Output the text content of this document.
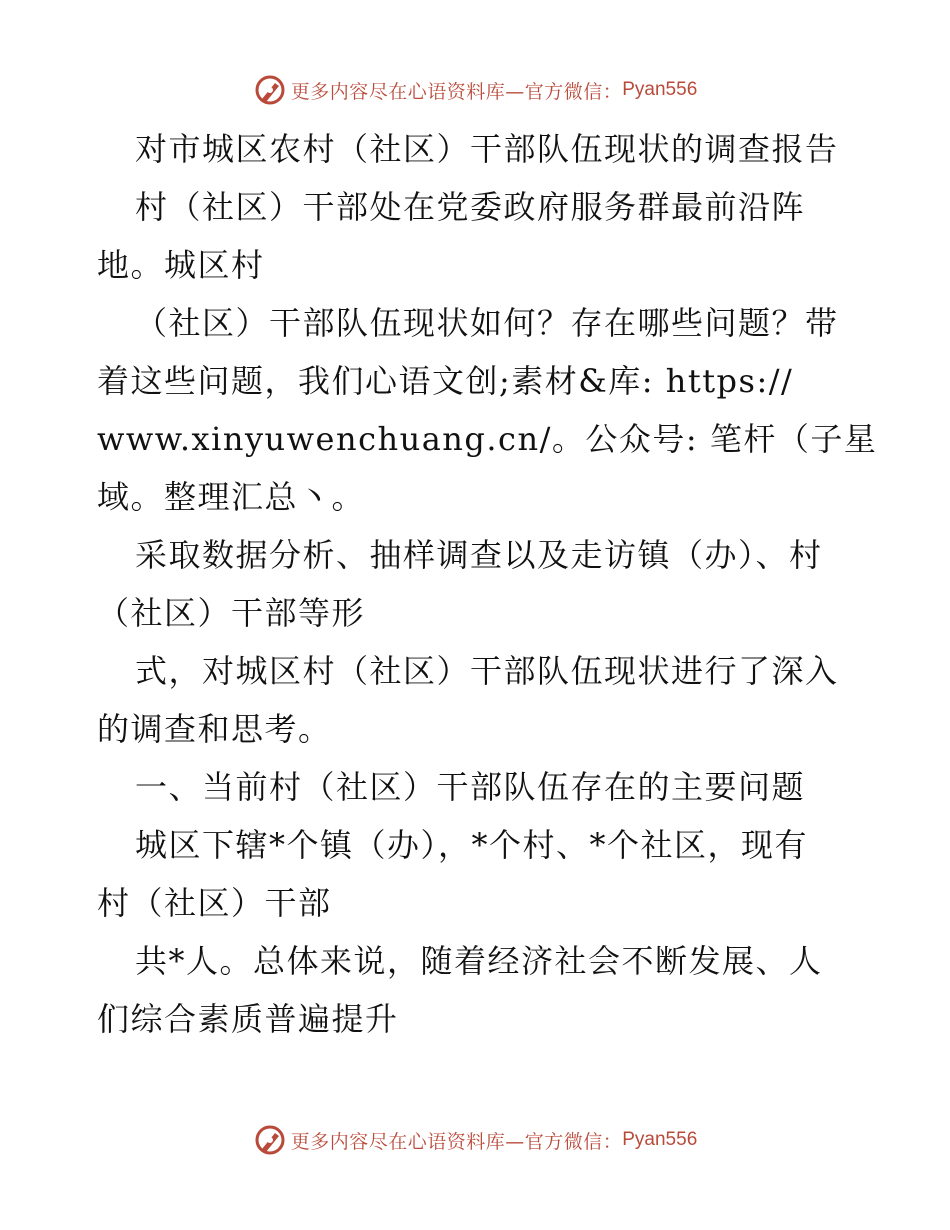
更多内容尽在心语资料库—官方微信： Pyan556
对市城区农村（社区）干部队伍现状的调查报告
村（社区）干部处在党委政府服务群最前沿阵
地。城区村
（社区）干部队伍现状如何？存在哪些问题？带
着这些问题，我们心语文创;素材&库: https://
www.xinyuwenchuang.cn/。公众号: 笔杆（子星
域。整理汇总丶。
采取数据分析、抽样调查以及走访镇（办）、村
（社区）干部等形
式，对城区村（社区）干部队伍现状进行了深入
的调查和思考。
一、当前村（社区）干部队伍存在的主要问题
城区下辖*个镇（办），*个村、*个社区，现有
村（社区）干部
共*人。总体来说，随着经济社会不断发展、人
们综合素质普遍提升
更多内容尽在心语资料库—官方微信： Pyan556
